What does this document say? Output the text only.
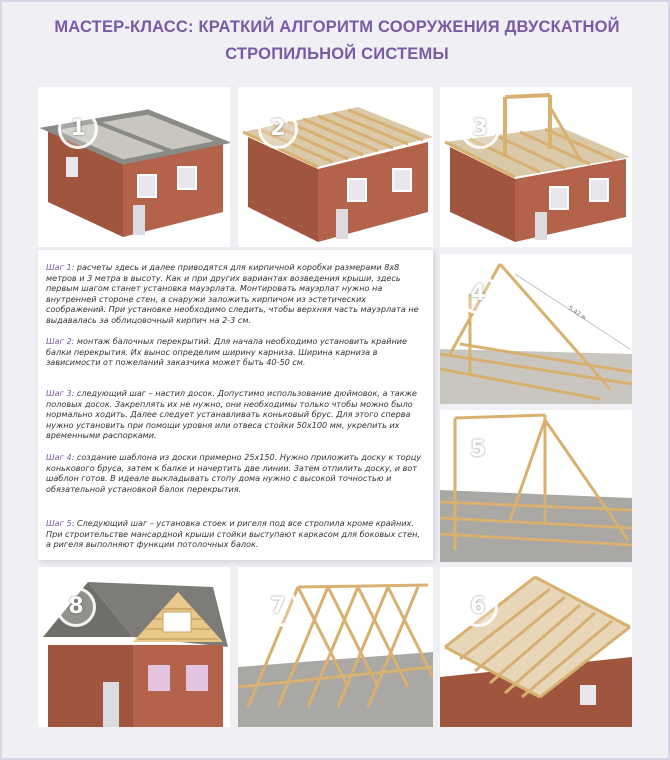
МАСТЕР-КЛАСС: КРАТКИЙ АЛГОРИТМ СООРУЖЕНИЯ ДВУСКАТНОЙ
СТРОПИЛЬНОЙ СИСТЕМЫ
1	2	3
Шаг 1: расчеты здесь и далее приводятся для кирпичной коробки размерами 8х8 метров и 3 метра в высоту. Как и при других вариантах возведения крыши, здесь первым шагом станет установка мауэрлата. Монтировать мауэрлат нужно на внутренней стороне стен, а снаружи заложить кирпичом из эстетических соображений. При установке необходимо следить, чтобы верхняя часть мауэрлата не выдавалась за облицовочный кирпич на 2-3 см.
Шаг 2: монтаж балочных перекрытий. Для начала необходимо установить крайние балки перекрытия. Их вынос определим ширину карниза. Ширина карниза в зависимости от пожеланий заказчика может быть 40-50 см.
Шаг 3: следующий шаг – настил досок. Допустимо использование дюймовок, а также половых досок. Закреплять их не нужно, они необходимы только чтобы можно было нормально ходить. Далее следует устанавливать коньковый брус. Для этого сперва нужно установить при помощи уровня или отвеса стойки 50х100 мм, укрепить их временными распорками.
Шаг 4: создание шаблона из доски примерно 25х150. Нужно приложить доску к торцу конькового бруса, затем к балке и начертить две линии. Затем отпилить доску, и вот шаблон готов. В идеале выкладывать стопу дома нужно с высокой точностью и обязательной установкой балок перекрытия.
Шаг 5: Следующий шаг – установка стоек и ригеля под все стропила кроме крайних. При строительстве мансардной крыши стойки выступают каркасом для боковых стен, а ригеля выполняют функции потолочных балок.
5,42 м
4
5
8	7	6
